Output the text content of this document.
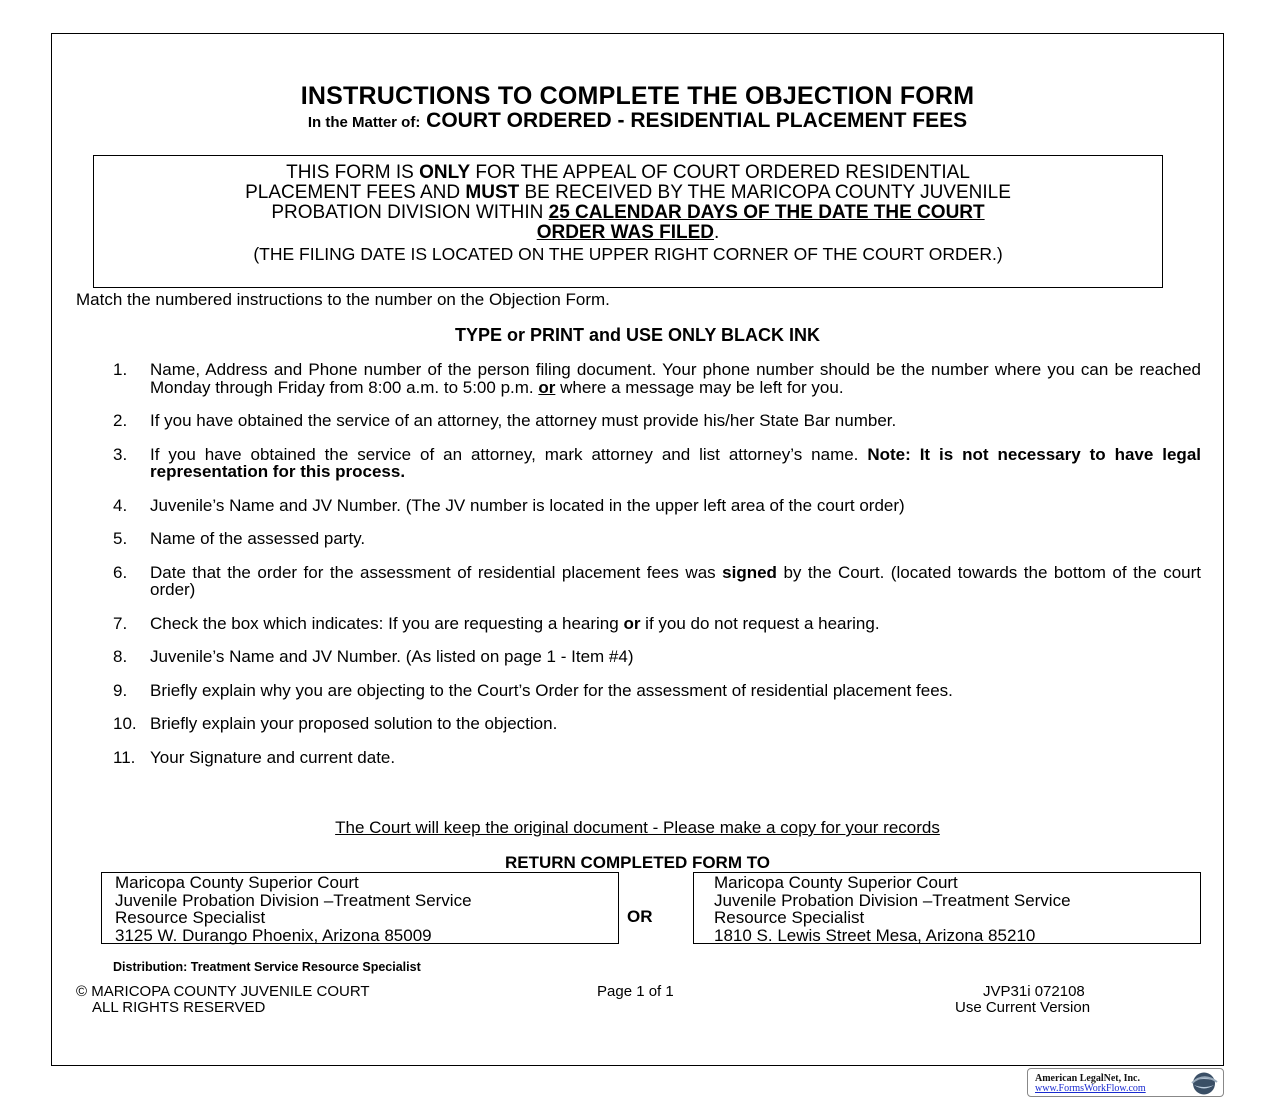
INSTRUCTIONS TO COMPLETE THE OBJECTION FORM
In the Matter of: COURT ORDERED - RESIDENTIAL PLACEMENT FEES
THIS FORM IS ONLY FOR THE APPEAL OF COURT ORDERED RESIDENTIAL
PLACEMENT FEES AND MUST BE RECEIVED BY THE MARICOPA COUNTY JUVENILE
PROBATION DIVISION WITHIN 25 CALENDAR DAYS OF THE DATE THE COURT
ORDER WAS FILED.
(THE FILING DATE IS LOCATED ON THE UPPER RIGHT CORNER OF THE COURT ORDER.)
Match the numbered instructions to the number on the Objection Form.
TYPE or PRINT and USE ONLY BLACK INK
1.	Name, Address and Phone number of the person filing document. Your phone number should be the number where you can be reached Monday through Friday from 8:00 a.m. to 5:00 p.m. or where a message may be left for you.
2.	If you have obtained the service of an attorney, the attorney must provide his/her State Bar number.
3.	If you have obtained the service of an attorney, mark attorney and list attorney’s name. Note: It is not necessary to have legal representation for this process.
4.	Juvenile’s Name and JV Number. (The JV number is located in the upper left area of the court order)
5.	Name of the assessed party.
6.	Date that the order for the assessment of residential placement fees was signed by the Court. (located towards the bottom of the court order)
7.	Check the box which indicates: If you are requesting a hearing or if you do not request a hearing.
8.	Juvenile’s Name and JV Number. (As listed on page 1 - Item #4)
9.	Briefly explain why you are objecting to the Court’s Order for the assessment of residential placement fees.
10. Briefly explain your proposed solution to the objection.
11. Your Signature and current date.
The Court will keep the original document - Please make a copy for your records
RETURN COMPLETED FORM TO
Maricopa County Superior Court
Juvenile Probation Division –Treatment Service
Resource Specialist
3125 W. Durango Phoenix, Arizona 85009
OR
Maricopa County Superior Court
Juvenile Probation Division –Treatment Service
Resource Specialist
1810 S. Lewis Street Mesa, Arizona 85210
Distribution: Treatment Service Resource Specialist
© MARICOPA COUNTY JUVENILE COURT
ALL RIGHTS RESERVED
Page 1 of 1	JVP31i 072108
Use Current Version
American LegalNet, Inc.
www.FormsWorkFlow.com
